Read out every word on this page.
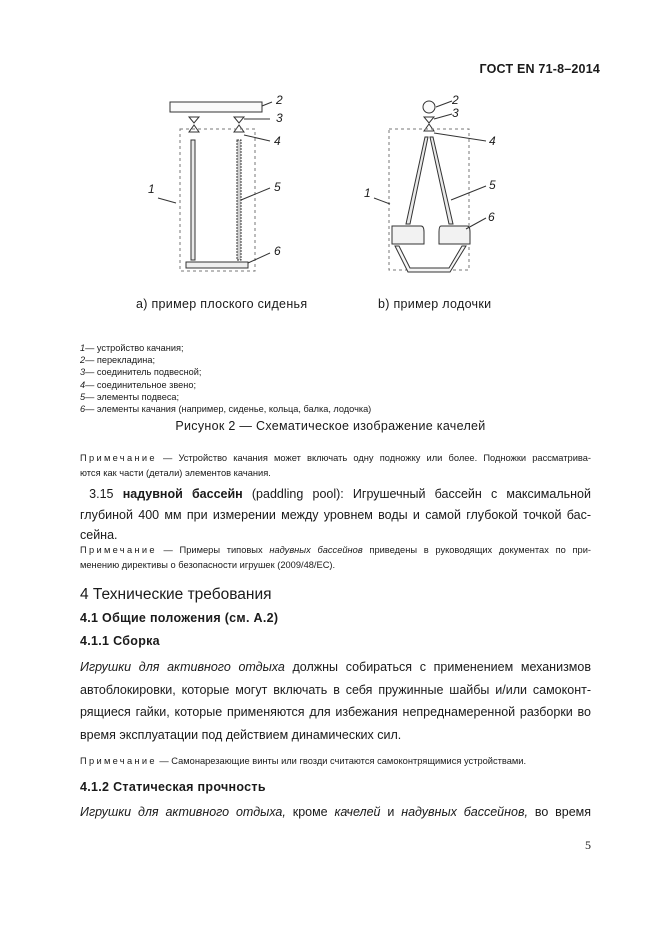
ГОСТ EN 71-8–2014
2
3
4
5
6
1
2
3
4
5
6
1
а) пример плоского сиденья	b) пример лодочки
1— устройство качания;
2— перекладина;
3— соединитель подвесной;
4— соединительное звено;
5— элементы подвеса;
6— элементы качания (например, сиденье, кольца, балка, лодочка)
Рисунок 2 — Схематическое изображение качелей
Примечание — Устройство качания может включать одну подножку или более. Подножки рассматрива-
ются как части (детали) элементов качания.
3.15 надувной бассейн (paddling pool): Игрушечный бассейн с максимальной
глубиной 400 мм при измерении между уровнем воды и самой глубокой точкой бас-
сейна.
Примечание — Примеры типовых надувных бассейнов приведены в руководящих документах по при-
менению директивы о безопасности игрушек (2009/48/ЕС).
4 Технические требования
4.1 Общие положения (см. А.2)
4.1.1 Сборка
Игрушки для активного отдыха должны собираться с применением механизмов
автоблокировки, которые могут включать в себя пружинные шайбы и/или самоконт-
рящиеся гайки, которые применяются для избежания непреднамеренной разборки во
время эксплуатации под действием динамических сил.
Примечание — Самонарезающие винты или гвозди считаются самоконтрящимися устройствами.
4.1.2 Статическая прочность
Игрушки для активного отдыха, кроме качелей и надувных бассейнов, во время
5
